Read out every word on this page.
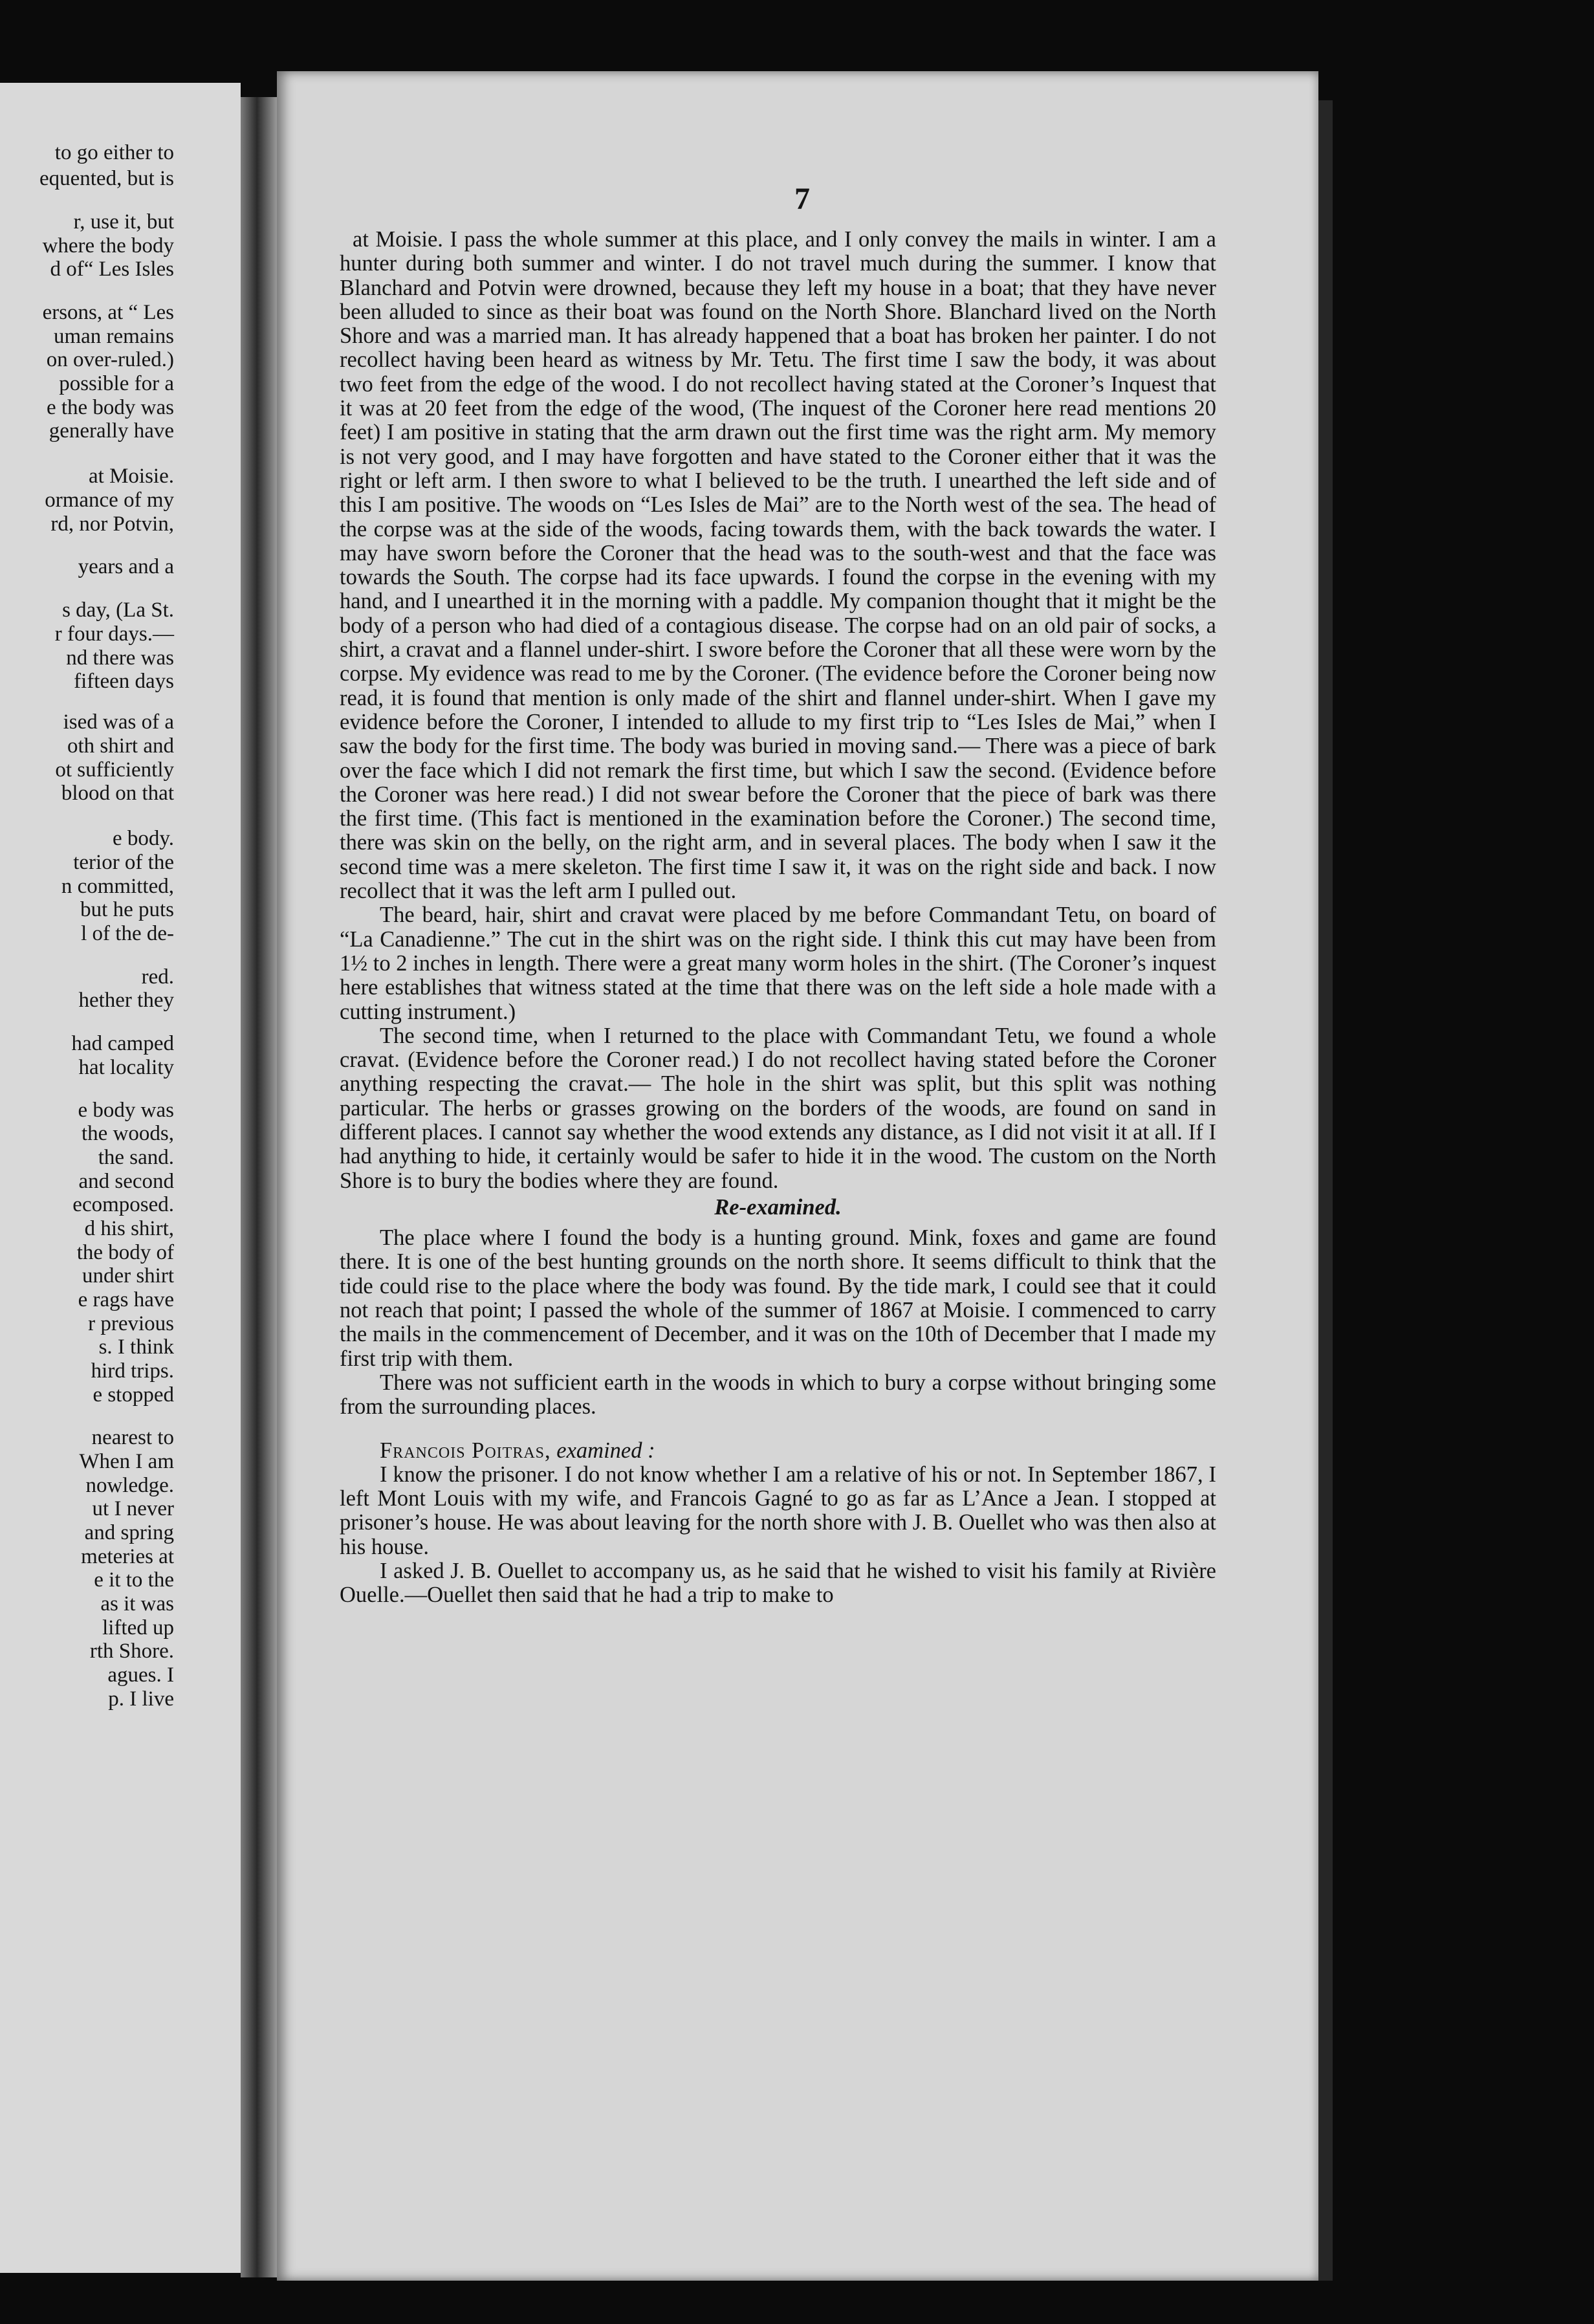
to go either to
equented, but is
r, use it, but
where the body
d of“ Les Isles
ersons, at “ Les
uman remains
on over-ruled.)
possible for a
e the body was
generally have
at Moisie.
ormance of my
rd, nor Potvin,
years and a
s day, (La St.
r four days.—
nd there was
fifteen days
ised was of a
oth shirt and
ot sufficiently
blood on that
e body.
terior of the
n committed,
but he puts
l of the de-
red.
hether they
had camped
hat locality
e body was
the woods,
the sand.
and second
ecomposed.
d his shirt,
the body of
under shirt
e rags have
r previous
s. I think
hird trips.
e stopped
nearest to
When I am
nowledge.
ut I never
and spring
meteries at
e it to the
as it was
lifted up
rth Shore.
agues. I
p. I live
7

at Moisie. I pass the whole summer at this place, and I only convey the mails in winter. I am a hunter during both summer and winter. I do not travel much during the summer. I know that Blanchard and Potvin were drowned, because they left my house in a boat; that they have never been alluded to since as their boat was found on the North Shore. Blanchard lived on the North Shore and was a married man. It has already happened that a boat has broken her painter. I do not recollect having been heard as witness by Mr. Tetu. The first time I saw the body, it was about two feet from the edge of the wood. I do not recollect having stated at the Coroner’s Inquest that it was at 20 feet from the edge of the wood, (The inquest of the Coroner here read mentions 20 feet) I am positive in stating that the arm drawn out the first time was the right arm. My memory is not very good, and I may have forgotten and have stated to the Coroner either that it was the right or left arm. I then swore to what I believed to be the truth. I unearthed the left side and of this I am positive. The woods on “Les Isles de Mai” are to the North west of the sea. The head of the corpse was at the side of the woods, facing towards them, with the back towards the water. I may have sworn before the Coroner that the head was to the south-west and that the face was towards the South. The corpse had its face upwards. I found the corpse in the evening with my hand, and I unearthed it in the morning with a paddle. My companion thought that it might be the body of a person who had died of a contagious disease. The corpse had on an old pair of socks, a shirt, a cravat and a flannel under-shirt. I swore before the Coroner that all these were worn by the corpse. My evidence was read to me by the Coroner. (The evidence before the Coroner being now read, it is found that mention is only made of the shirt and flannel under-shirt. When I gave my evidence before the Coroner, I intended to allude to my first trip to “Les Isles de Mai,” when I saw the body for the first time. The body was buried in moving sand.— There was a piece of bark over the face which I did not remark the first time, but which I saw the second. (Evidence before the Coroner was here read.) I did not swear before the Coroner that the piece of bark was there the first time. (This fact is mentioned in the examination before the Coroner.) The second time, there was skin on the belly, on the right arm, and in several places. The body when I saw it the second time was a mere skeleton. The first time I saw it, it was on the right side and back. I now recollect that it was the left arm I pulled out.

The beard, hair, shirt and cravat were placed by me before Commandant Tetu, on board of “La Canadienne.” The cut in the shirt was on the right side. I think this cut may have been from 1½ to 2 inches in length. There were a great many worm holes in the shirt. (The Coroner’s inquest here establishes that witness stated at the time that there was on the left side a hole made with a cutting instrument.)

The second time, when I returned to the place with Commandant Tetu, we found a whole cravat. (Evidence before the Coroner read.) I do not recollect having stated before the Coroner anything respecting the cravat.— The hole in the shirt was split, but this split was nothing particular. The herbs or grasses growing on the borders of the woods, are found on sand in different places. I cannot say whether the wood extends any distance, as I did not visit it at all. If I had anything to hide, it certainly would be safer to hide it in the wood. The custom on the North Shore is to bury the bodies where they are found.

Re-examined.

The place where I found the body is a hunting ground. Mink, foxes and game are found there. It is one of the best hunting grounds on the north shore. It seems difficult to think that the tide could rise to the place where the body was found. By the tide mark, I could see that it could not reach that point; I passed the whole of the summer of 1867 at Moisie. I commenced to carry the mails in the commencement of December, and it was on the 10th of December that I made my first trip with them.

There was not sufficient earth in the woods in which to bury a corpse without bringing some from the surrounding places.

Francois Poitras, examined :

I know the prisoner. I do not know whether I am a relative of his or not. In September 1867, I left Mont Louis with my wife, and Francois Gagné to go as far as L’Ance a Jean. I stopped at prisoner’s house. He was about leaving for the north shore with J. B. Ouellet who was then also at his house.

I asked J. B. Ouellet to accompany us, as he said that he wished to visit his family at Rivière Ouelle.—Ouellet then said that he had a trip to make to
